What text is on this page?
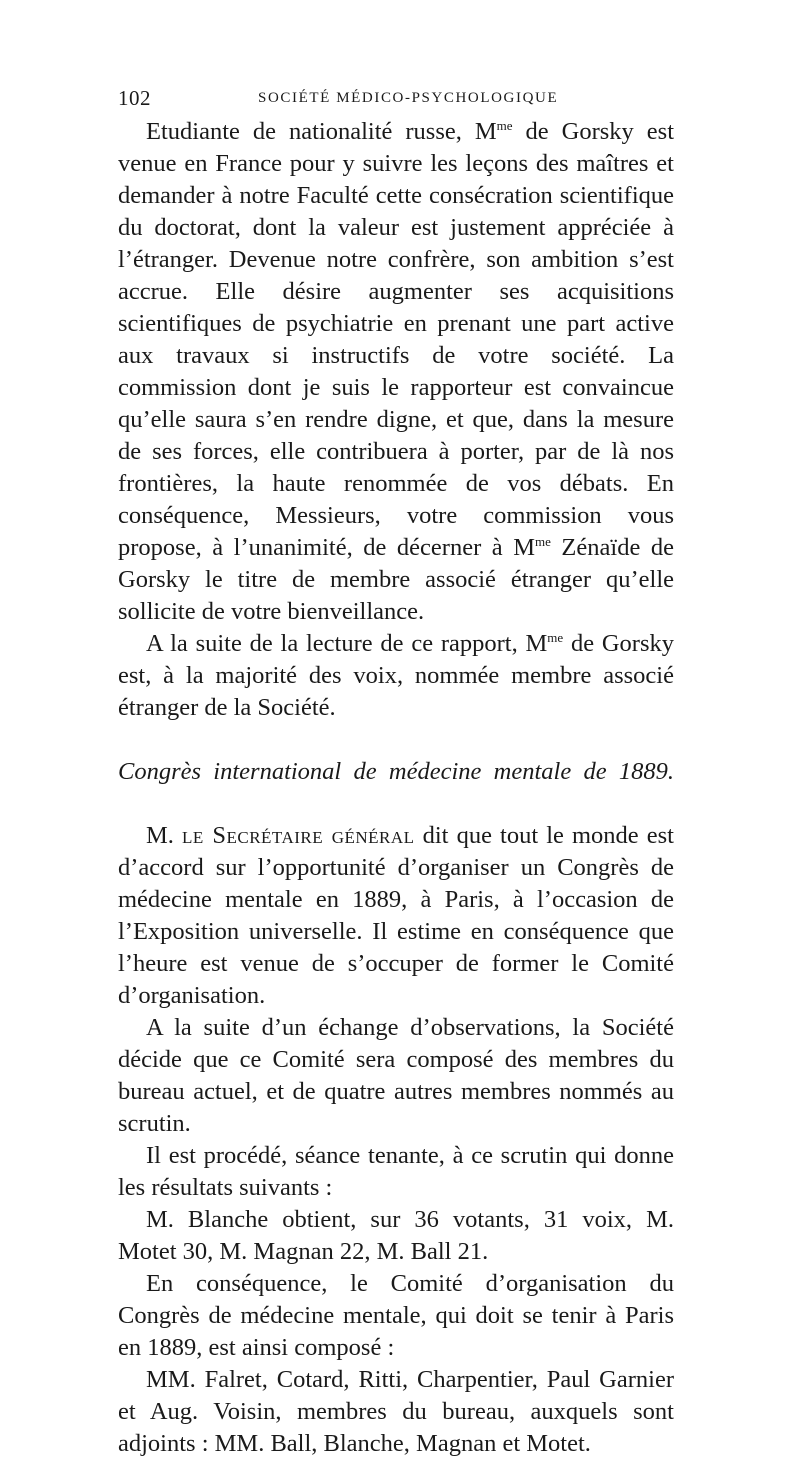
102	SOCIÉTÉ MÉDICO-PSYCHOLOGIQUE

Etudiante de nationalité russe, $M^{me}$ de Gorsky est venue en France pour y suivre les leçons des maîtres et demander à notre Faculté cette consécration scientifique du doctorat, dont la valeur est justement appréciée à l’étranger. Devenue notre confrère, son ambition s’est accrue. Elle désire augmenter ses acquisitions scientifiques de psychiatrie en prenant une part active aux travaux si instructifs de votre société. La commission dont je suis le rapporteur est convaincue qu’elle saura s’en rendre digne, et que, dans la mesure de ses forces, elle contribuera à porter, par de là nos frontières, la haute renommée de vos débats. En conséquence, Messieurs, votre commission vous propose, à l’unanimité, de décerner à $M^{me}$ Zénaïde de Gorsky le titre de membre associé étranger qu’elle sollicite de votre bienveillance.

A la suite de la lecture de ce rapport, $M^{me}$ de Gorsky est, à la majorité des voix, nommée membre associé étranger de la Société.

Congrès international de médecine mentale de 1889.

M. le Secrétaire général dit que tout le monde est d’accord sur l’opportunité d’organiser un Congrès de médecine mentale en 1889, à Paris, à l’occasion de l’Exposition universelle. Il estime en conséquence que l’heure est venue de s’occuper de former le Comité d’organisation.

A la suite d’un échange d’observations, la Société décide que ce Comité sera composé des membres du bureau actuel, et de quatre autres membres nommés au scrutin.

Il est procédé, séance tenante, à ce scrutin qui donne les résultats suivants :

M. Blanche obtient, sur 36 votants, 31 voix, M. Motet 30, M. Magnan 22, M. Ball 21.

En conséquence, le Comité d’organisation du Congrès de médecine mentale, qui doit se tenir à Paris en 1889, est ainsi composé :

MM. Falret, Cotard, Ritti, Charpentier, Paul Garnier et Aug. Voisin, membres du bureau, auxquels sont adjoints : MM. Ball, Blanche, Magnan et Motet.
